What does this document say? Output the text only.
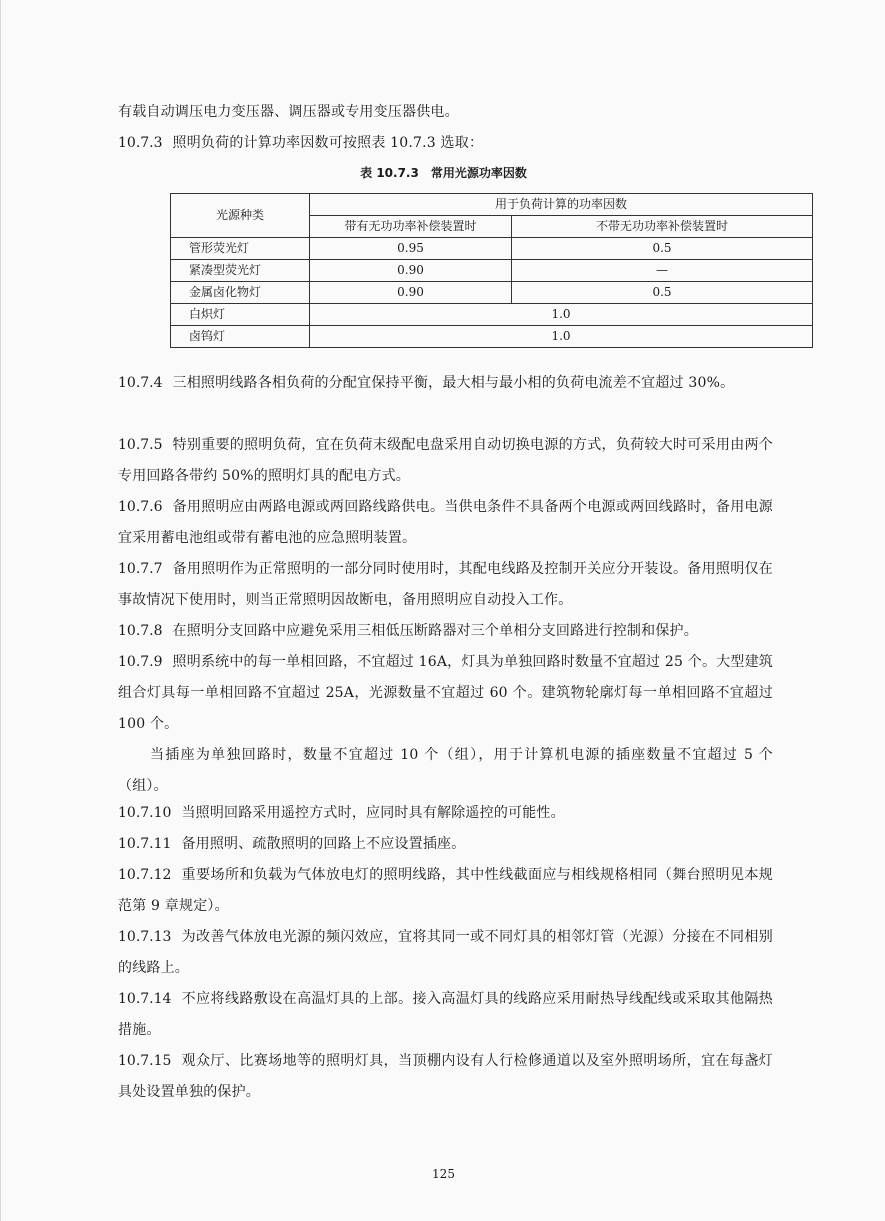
有载自动调压电力变压器、调压器或专用变压器供电。

10.7.3 照明负荷的计算功率因数可按照表 10.7.3 选取：

表 10.7.3　常用光源功率因数
光源种类	用于负荷计算的功率因数	
	带有无功功率补偿装置时	不带无功功率补偿装置时
管形荧光灯	0.95	0.5
紧凑型荧光灯	0.90	—
金属卤化物灯	0.90	0.5
白炽灯	1.0	
卤钨灯	1.0	

10.7.4 三相照明线路各相负荷的分配宜保持平衡，最大相与最小相的负荷电流差不宜超过 30%。

10.7.5 特别重要的照明负荷，宜在负荷末级配电盘采用自动切换电源的方式，负荷较大时可采用由两个专用回路各带约 50%的照明灯具的配电方式。

10.7.6 备用照明应由两路电源或两回路线路供电。当供电条件不具备两个电源或两回线路时，备用电源宜采用蓄电池组或带有蓄电池的应急照明装置。

10.7.7 备用照明作为正常照明的一部分同时使用时，其配电线路及控制开关应分开装设。备用照明仅在事故情况下使用时，则当正常照明因故断电，备用照明应自动投入工作。

10.7.8 在照明分支回路中应避免采用三相低压断路器对三个单相分支回路进行控制和保护。

10.7.9 照明系统中的每一单相回路，不宜超过 16A，灯具为单独回路时数量不宜超过 25 个。大型建筑组合灯具每一单相回路不宜超过 25A，光源数量不宜超过 60 个。建筑物轮廓灯每一单相回路不宜超过 100 个。

当插座为单独回路时，数量不宜超过 10 个（组），用于计算机电源的插座数量不宜超过 5 个（组）。

10.7.10 当照明回路采用遥控方式时，应同时具有解除遥控的可能性。

10.7.11 备用照明、疏散照明的回路上不应设置插座。

10.7.12 重要场所和负载为气体放电灯的照明线路，其中性线截面应与相线规格相同（舞台照明见本规范第 9 章规定）。

10.7.13 为改善气体放电光源的频闪效应，宜将其同一或不同灯具的相邻灯管（光源）分接在不同相别的线路上。

10.7.14 不应将线路敷设在高温灯具的上部。接入高温灯具的线路应采用耐热导线配线或采取其他隔热措施。

10.7.15 观众厅、比赛场地等的照明灯具，当顶棚内设有人行检修通道以及室外照明场所，宜在每盏灯具处设置单独的保护。

125
